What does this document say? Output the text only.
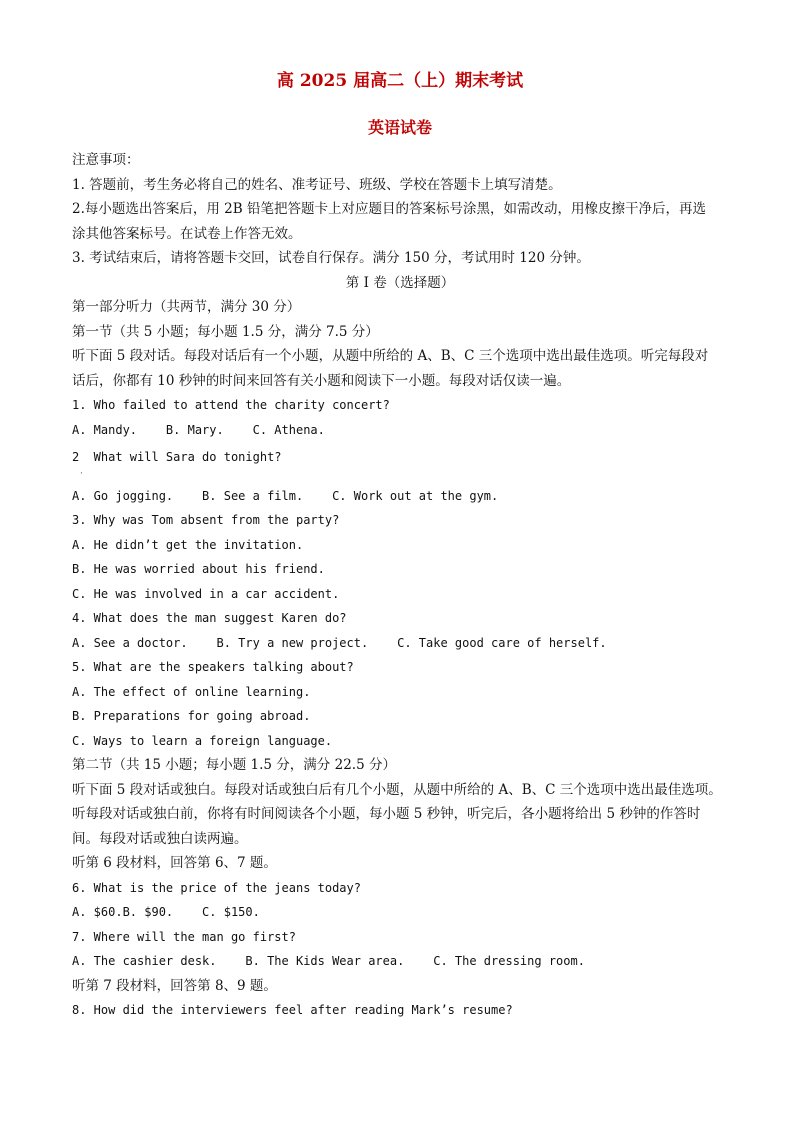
高 2025 届高二（上）期末考试

英语试卷

注意事项：

1. 答题前，考生务必将自己的姓名、准考证号、班级、学校在答题卡上填写清楚。

2.每小题选出答案后，用 2B 铅笔把答题卡上对应题目的答案标号涂黑，如需改动，用橡皮擦干净后，再选

涂其他答案标号。在试卷上作答无效。

3. 考试结束后，请将答题卡交回，试卷自行保存。满分 150 分，考试用时 120 分钟。

第 I 卷（选择题）

第一部分听力（共两节，满分 30 分）

第一节（共 5 小题；每小题 1.5 分，满分 7.5 分）

听下面 5 段对话。每段对话后有一个小题，从题中所给的 A、B、C 三个选项中选出最佳选项。听完每段对

话后，你都有 10 秒钟的时间来回答有关小题和阅读下一小题。每段对话仅读一遍。

1. Who failed to attend the charity concert?

A. Mandy.    B. Mary.    C. Athena.

2  What will Sara do tonight?

·

A. Go jogging.    B. See a film.    C. Work out at the gym.

3. Why was Tom absent from the party?

A. He didn’t get the invitation.

B. He was worried about his friend.

C. He was involved in a car accident.

4. What does the man suggest Karen do?

A. See a doctor.    B. Try a new project.    C. Take good care of herself.

5. What are the speakers talking about?

A. The effect of online learning.

B. Preparations for going abroad.

C. Ways to learn a foreign language.

第二节（共 15 小题；每小题 1.5 分，满分 22.5 分）

听下面 5 段对话或独白。每段对话或独白后有几个小题，从题中所给的 A、B、C 三个选项中选出最佳选项。

听每段对话或独白前，你将有时间阅读各个小题，每小题 5 秒钟，听完后，各小题将给出 5 秒钟的作答时

间。每段对话或独白读两遍。

听第 6 段材料，回答第 6、7 题。

6. What is the price of the jeans today?

A. $60.B. $90.    C. $150.

7. Where will the man go first?

A. The cashier desk.    B. The Kids Wear area.    C. The dressing room.

听第 7 段材料，回答第 8、9 题。

8. How did the interviewers feel after reading Mark’s resume?
